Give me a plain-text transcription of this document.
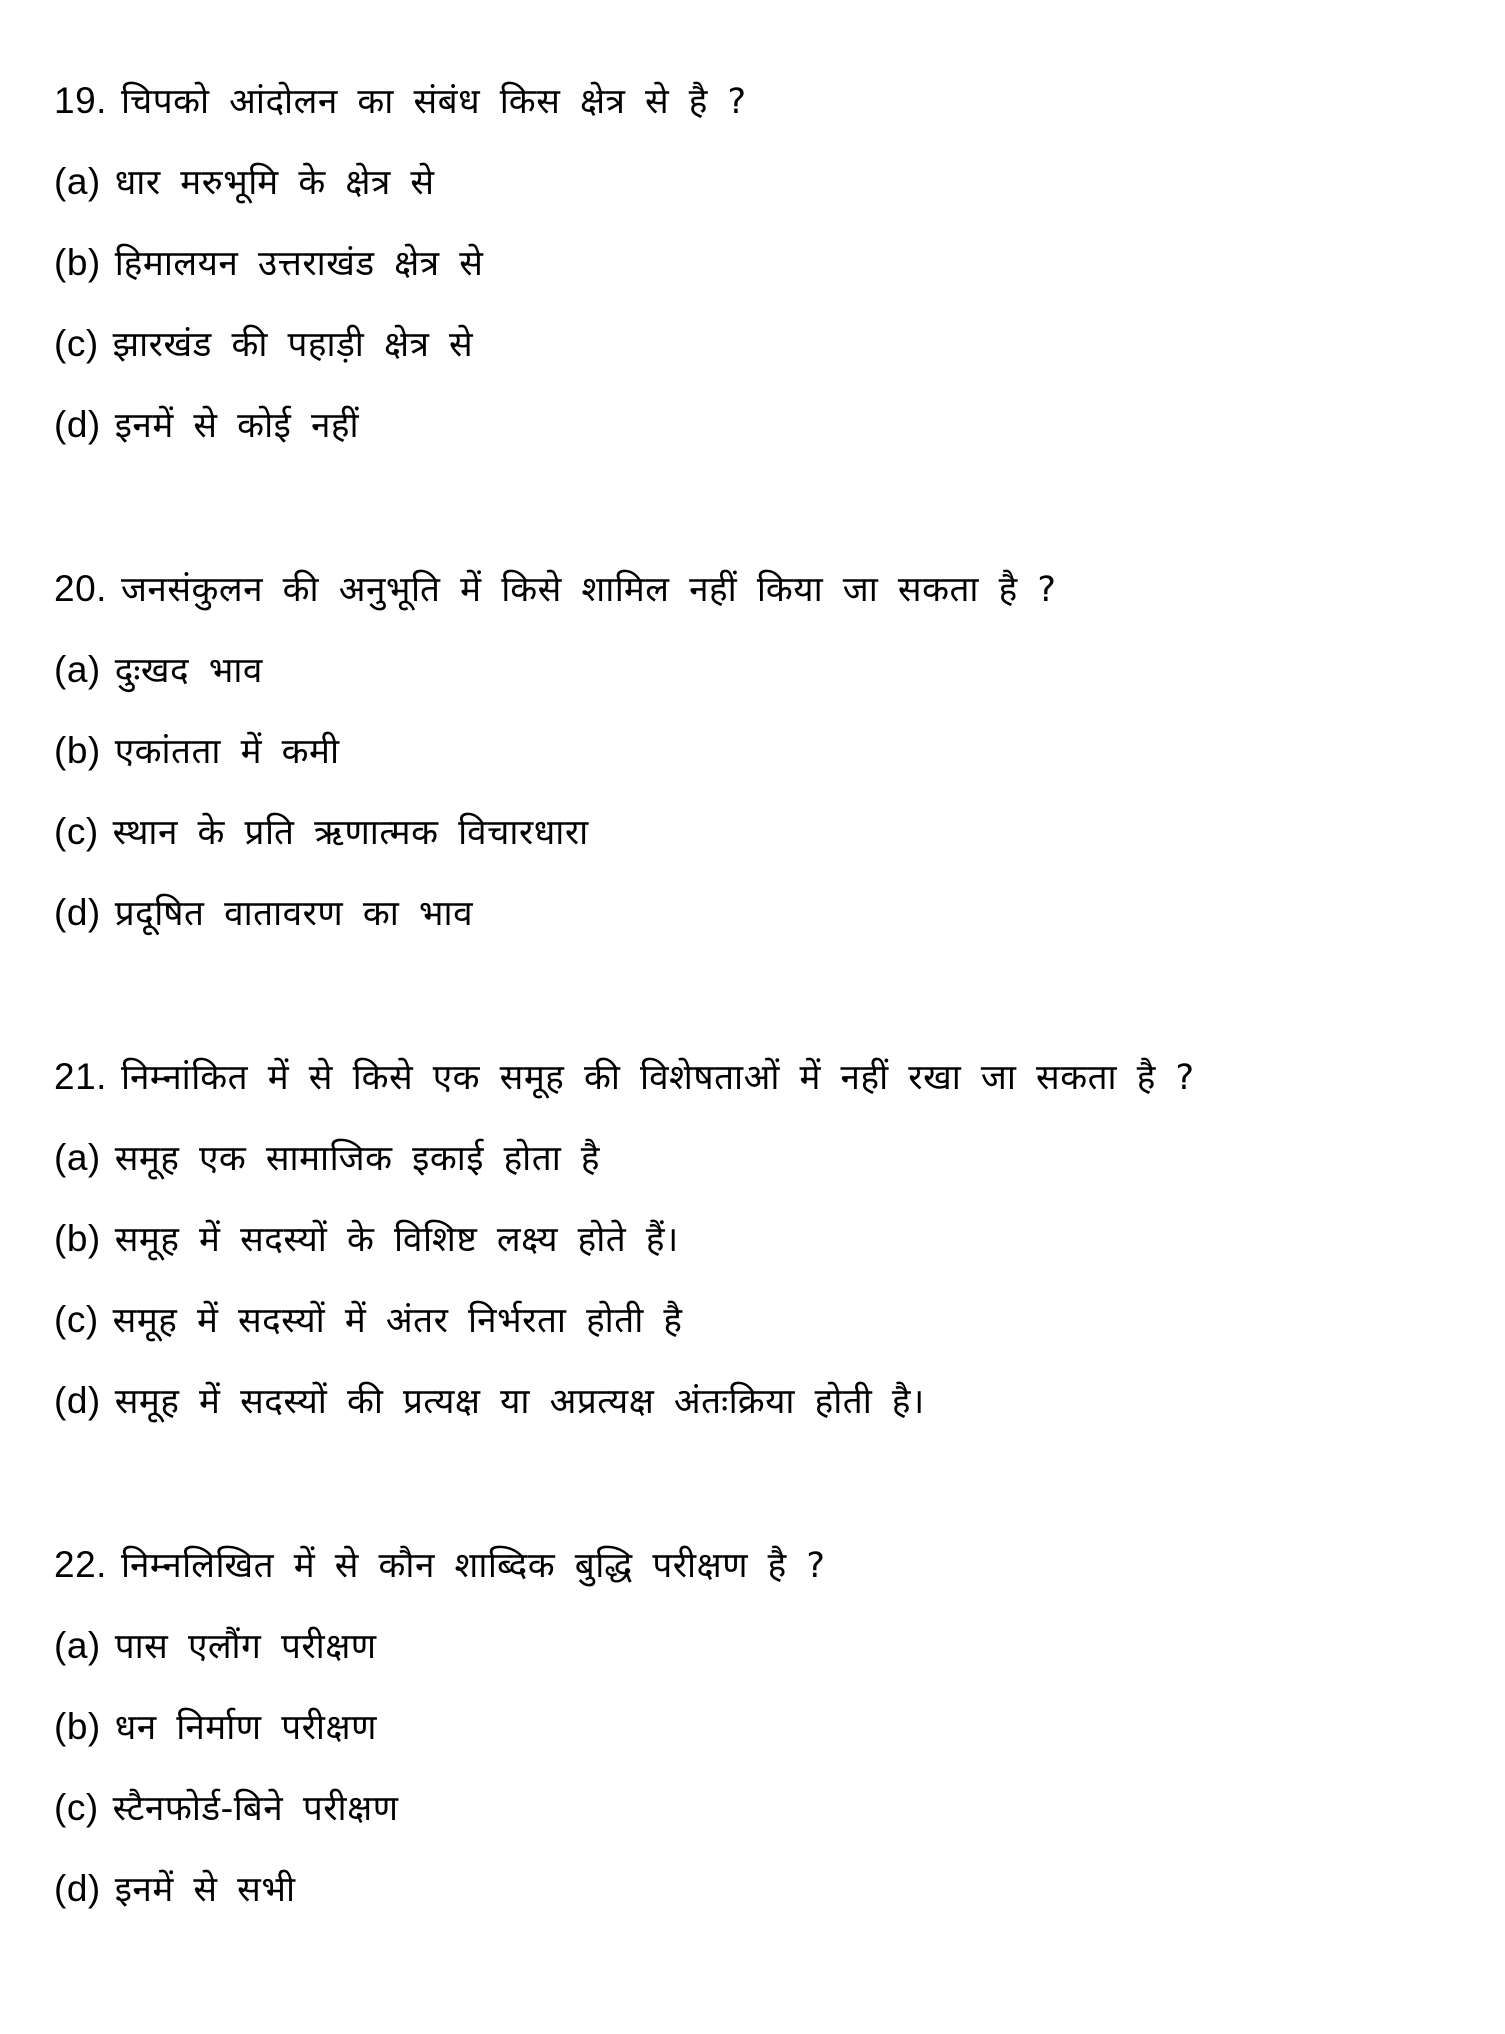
19. चिपको आंदोलन का संबंध किस क्षेत्र से है ?
(a) धार मरुभूमि के क्षेत्र से
(b) हिमालयन उत्तराखंड क्षेत्र से
(c) झारखंड की पहाड़ी क्षेत्र से
(d) इनमें से कोई नहीं
20. जनसंकुलन की अनुभूति में किसे शामिल नहीं किया जा सकता है ?
(a) दुःखद भाव
(b) एकांतता में कमी
(c) स्थान के प्रति ऋणात्मक विचारधारा
(d) प्रदूषित वातावरण का भाव
21. निम्नांकित में से किसे एक समूह की विशेषताओं में नहीं रखा जा सकता है ?
(a) समूह एक सामाजिक इकाई होता है
(b) समूह में सदस्यों के विशिष्ट लक्ष्य होते हैं।
(c) समूह में सदस्यों में अंतर निर्भरता होती है
(d) समूह में सदस्यों की प्रत्यक्ष या अप्रत्यक्ष अंतःक्रिया होती है।
22. निम्नलिखित में से कौन शाब्दिक बुद्धि परीक्षण है ?
(a) पास एलौंग परीक्षण
(b) धन निर्माण परीक्षण
(c) स्टैनफोर्ड-बिने परीक्षण
(d) इनमें से सभी
